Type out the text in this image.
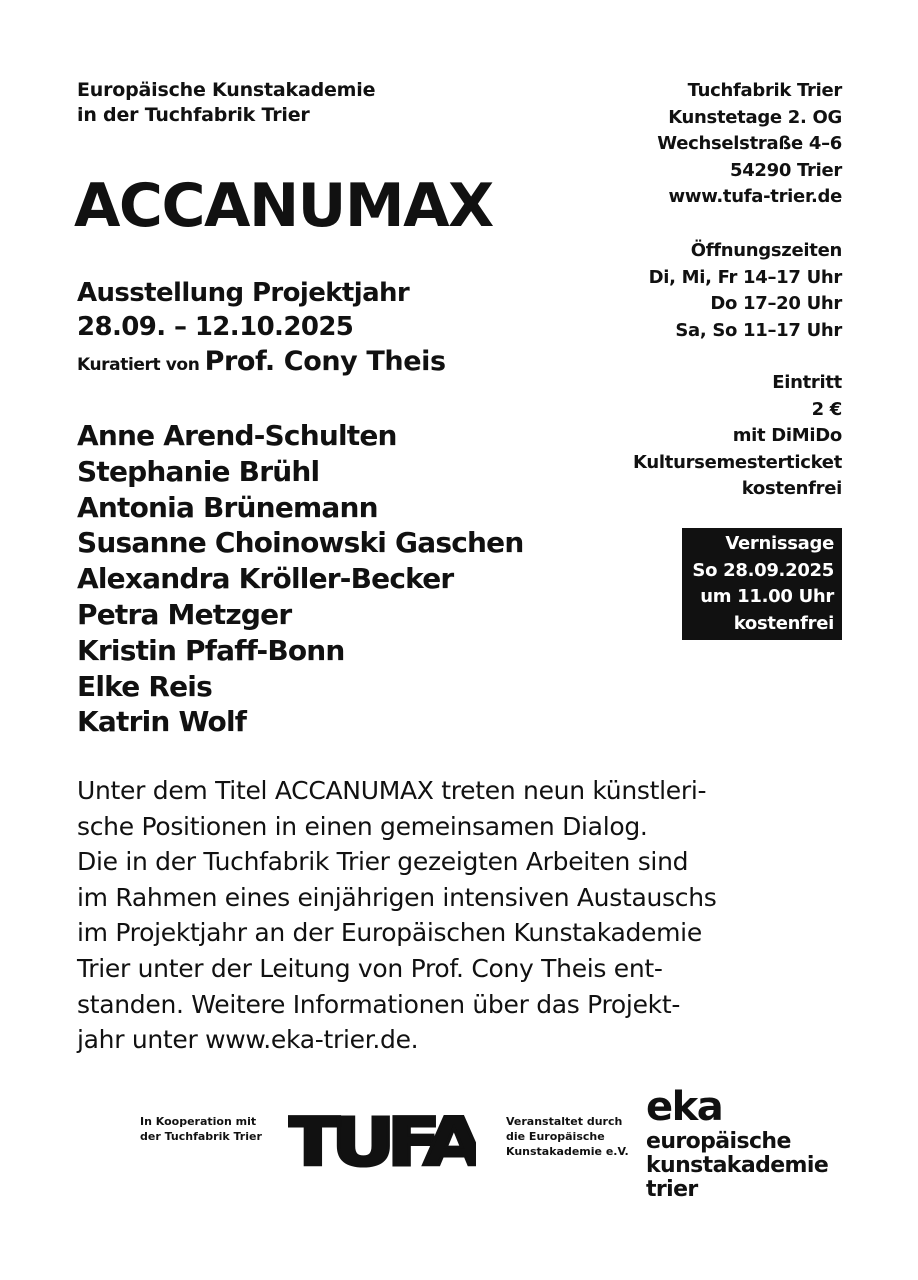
Europäische Kunstakademie
in der Tuchfabrik Trier
ACCANUMAX
Ausstellung Projektjahr
28.09. – 12.10.2025
Kuratiert von Prof. Cony Theis
Anne Arend-Schulten
Stephanie Brühl
Antonia Brünemann
Susanne Choinowski Gaschen
Alexandra Kröller-Becker
Petra Metzger
Kristin Pfaff-Bonn
Elke Reis
Katrin Wolf
Tuchfabrik Trier
Kunstetage 2. OG
Wechselstraße 4–6
54290 Trier
www.tufa-trier.de
Öffnungszeiten
Di, Mi, Fr 14–17 Uhr
Do 17–20 Uhr
Sa, So 11–17 Uhr
Eintritt
2 €
mit DiMiDo
Kultursemesterticket
kostenfrei
Vernissage
So 28.09.2025
um 11.00 Uhr
kostenfrei
Unter dem Titel ACCANUMAX treten neun künstleri-
sche Positionen in einen gemeinsamen Dialog.
Die in der Tuchfabrik Trier gezeigten Arbeiten sind
im Rahmen eines einjährigen intensiven Austauschs
im Projektjahr an der Europäischen Kunstakademie
Trier unter der Leitung von Prof. Cony Theis ent-
standen. Weitere Informationen über das Projekt-
jahr unter www.eka-trier.de.
In Kooperation mit
der Tuchfabrik Trier TUFA Veranstaltet durch
die Europäische
Kunstakademie e.V.
eka
europäische
kunstakademie
trier
